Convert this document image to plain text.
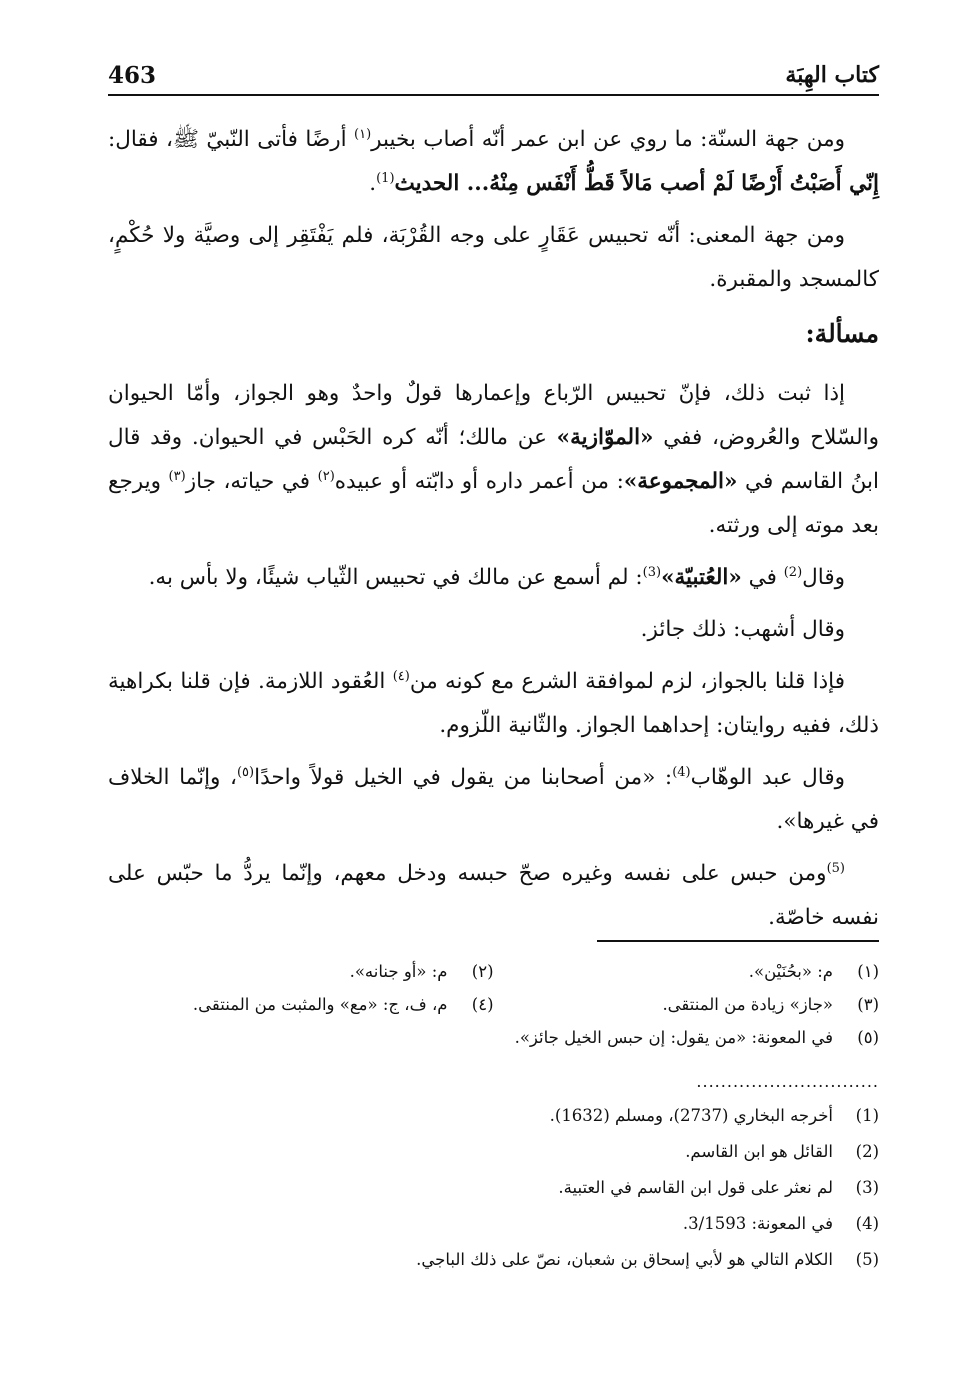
463	كتاب الهِبَة

ومن جهة السنّة: ما روي عن ابن عمر أنّه أصاب بخيبر$^{(١)}$ أرضًا فأتى النّبيّ ﷺ، فقال: إِنّي أَصَبْتُ أَرْضًا لَمْ أصب مَالاً قَطُّ أَنْفَس مِنْهُ... الحديث$^{(1)}$.

ومن جهة المعنى: أنّه تحبيس عَقَارٍ على وجه القُرْبَة، فلم يَفْتَقِر إلى وصيَّة ولا حُكْمٍ، كالمسجد والمقبرة.

مسألة:

إذا ثبت ذلك، فإنّ تحبيس الرّباع وإعمارها قولٌ واحدٌ وهو الجواز، وأمّا الحيوان والسّلاح والعُروض، ففي «الموّازية» عن مالك؛ أنّه كره الحَبْس في الحيوان. وقد قال ابنُ القاسم في «المجموعة»: من أعمر داره أو دابّته أو عبيده$^{(٢)}$ في حياته، جاز$^{(٣)}$ ويرجع بعد موته إلى ورثته.

وقال$^{(2)}$ في «العُتبيّة»$^{(3)}$: لم أسمع عن مالك في تحبيس الثّياب شيئًا، ولا بأس به.

وقال أشهب: ذلك جائز.

فإذا قلنا بالجواز، لزم لموافقة الشرع مع كونه من$^{(٤)}$ العُقود اللازمة. فإن قلنا بكراهية ذلك، ففيه روايتان: إحداهما الجواز. والثّانية اللّزوم.

وقال عبد الوهّاب$^{(4)}$: «من أصحابنا من يقول في الخيل قولاً واحدًا$^{(٥)}$، وإنّما الخلاف في غيرها».

$^{(5)}$ومن حبس على نفسه وغيره صحّ حبسه ودخل معهم، وإنّما يردُّ ما حبّس على نفسه خاصّة.

(١)
م: «بحُنَيْن».
(٢)
م: «أو جنانه».
(٣)
«جاز» زيادة من المنتقى.
(٤)
م، ف، ج: «مع» والمثبت من المنتقى.
(٥)
في المعونة: «من يقول: إن حبس الخيل جائز».
..............................
(1)
أخرجه البخاري (2737)، ومسلم (1632).
(2)
القائل هو ابن القاسم.
(3)
لم نعثر على قول ابن القاسم في العتبية.
(4)
في المعونة: 3/1593.
(5)
الكلام التالي هو لأبي إسحاق بن شعبان، نصّ على ذلك الباجي.
